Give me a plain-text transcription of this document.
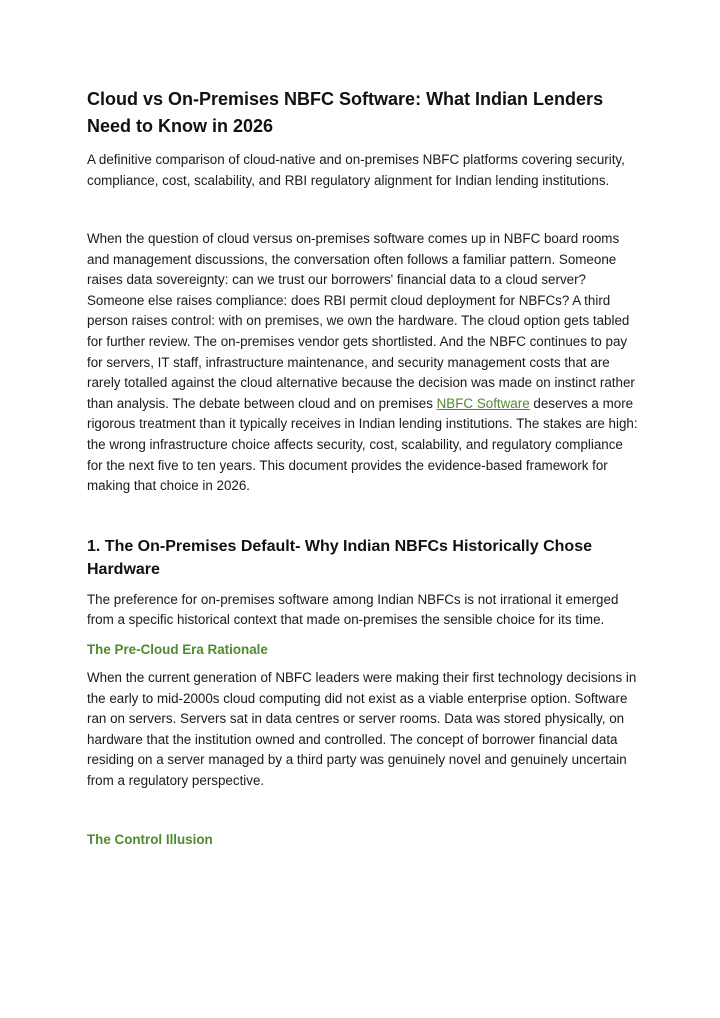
Cloud vs On-Premises NBFC Software: What Indian Lenders Need to Know in 2026

A definitive comparison of cloud-native and on-premises NBFC platforms covering security, compliance, cost, scalability, and RBI regulatory alignment for Indian lending institutions.

When the question of cloud versus on-premises software comes up in NBFC board rooms and management discussions, the conversation often follows a familiar pattern. Someone raises data sovereignty: can we trust our borrowers' financial data to a cloud server? Someone else raises compliance: does RBI permit cloud deployment for NBFCs? A third person raises control: with on premises, we own the hardware. The cloud option gets tabled for further review. The on-premises vendor gets shortlisted. And the NBFC continues to pay for servers, IT staff, infrastructure maintenance, and security management costs that are rarely totalled against the cloud alternative because the decision was made on instinct rather than analysis. The debate between cloud and on premises NBFC Software deserves a more rigorous treatment than it typically receives in Indian lending institutions. The stakes are high: the wrong infrastructure choice affects security, cost, scalability, and regulatory compliance for the next five to ten years. This document provides the evidence-based framework for making that choice in 2026.

1. The On-Premises Default- Why Indian NBFCs Historically Chose Hardware

The preference for on-premises software among Indian NBFCs is not irrational it emerged from a specific historical context that made on-premises the sensible choice for its time.

The Pre-Cloud Era Rationale

When the current generation of NBFC leaders were making their first technology decisions in the early to mid-2000s cloud computing did not exist as a viable enterprise option. Software ran on servers. Servers sat in data centres or server rooms. Data was stored physically, on hardware that the institution owned and controlled. The concept of borrower financial data residing on a server managed by a third party was genuinely novel and genuinely uncertain from a regulatory perspective.

The Control Illusion
